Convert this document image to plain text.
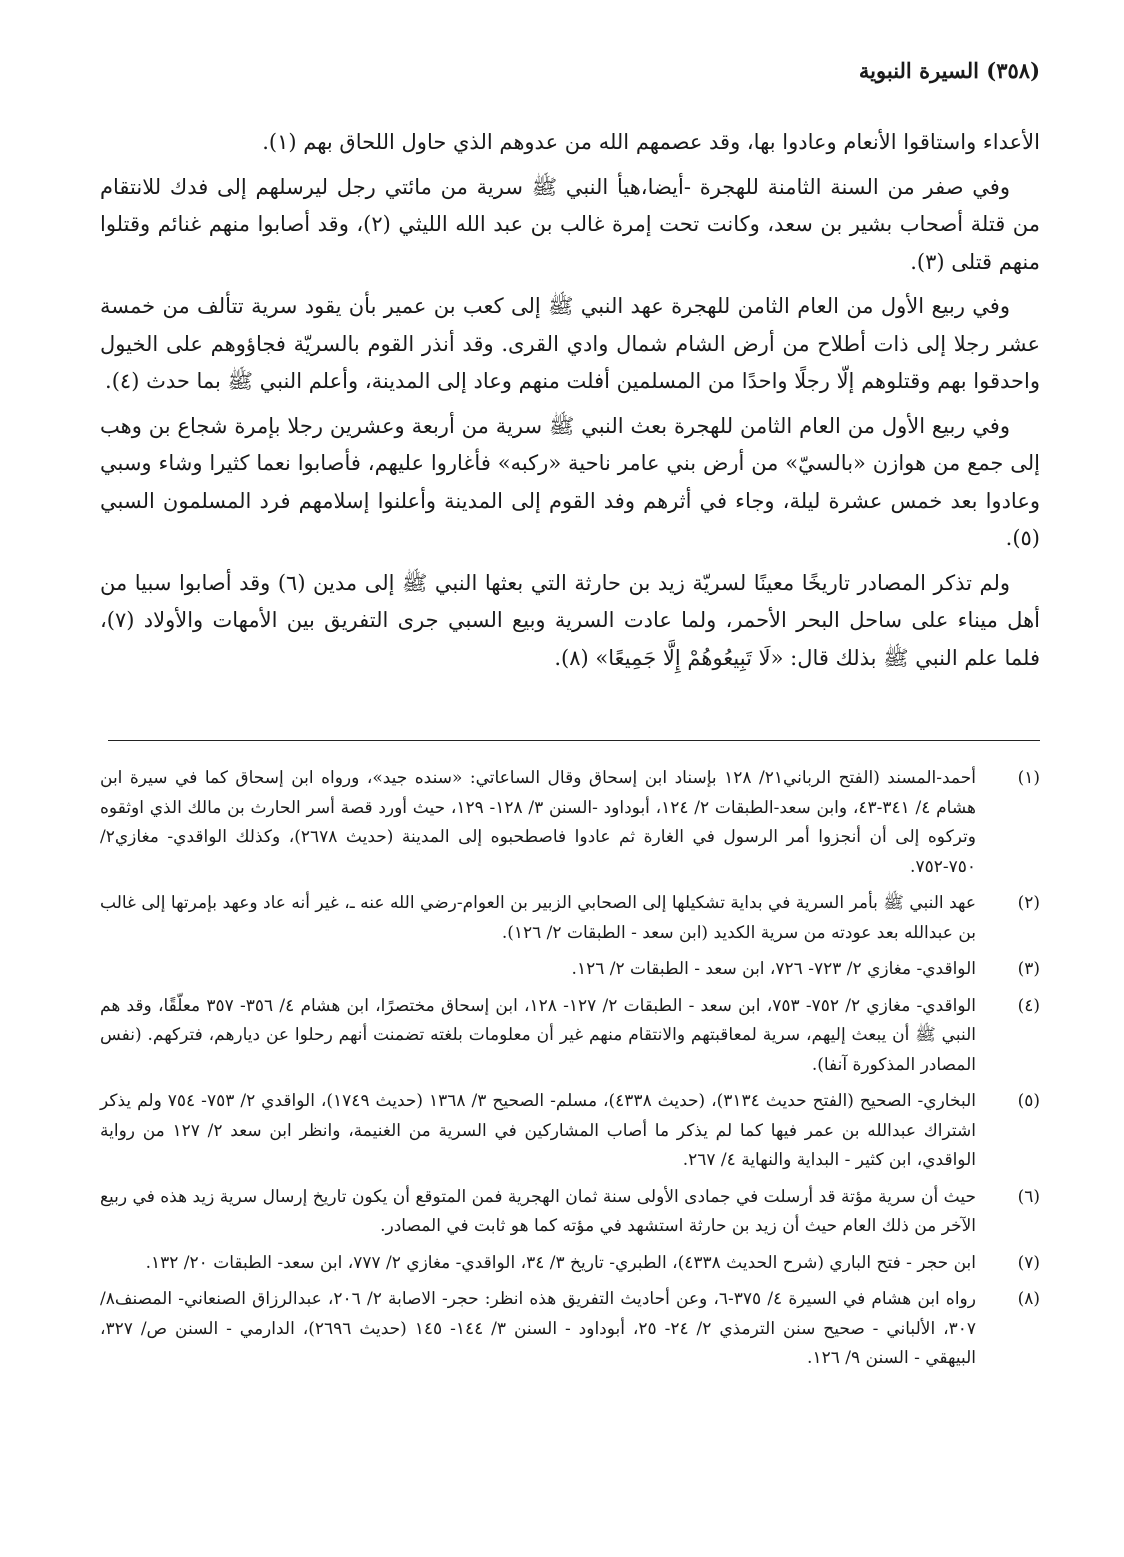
(٣٥٨) السيرة النبوية

الأعداء واستاقوا الأنعام وعادوا بها، وقد عصمهم الله من عدوهم الذي حاول اللحاق بهم (١).

وفي صفر من السنة الثامنة للهجرة -أيضا،هيأ النبي ﷺ سرية من مائتي رجل ليرسلهم إلى فدك للانتقام من قتلة أصحاب بشير بن سعد، وكانت تحت إمرة غالب بن عبد الله الليثي (٢)، وقد أصابوا منهم غنائم وقتلوا منهم قتلى (٣).

وفي ربيع الأول من العام الثامن للهجرة عهد النبي ﷺ إلى كعب بن عمير بأن يقود سرية تتألف من خمسة عشر رجلا إلى ذات أطلاح من أرض الشام شمال وادي القرى. وقد أنذر القوم بالسريّة فجاؤوهم على الخيول واحدقوا بهم وقتلوهم إلّا رجلًا واحدًا من المسلمين أفلت منهم وعاد إلى المدينة، وأعلم النبي ﷺ بما حدث (٤).

وفي ربيع الأول من العام الثامن للهجرة بعث النبي ﷺ سرية من أربعة وعشرين رجلا بإمرة شجاع بن وهب إلى جمع من هوازن «بالسيّ» من أرض بني عامر ناحية «ركبه» فأغاروا عليهم، فأصابوا نعما كثيرا وشاء وسبي وعادوا بعد خمس عشرة ليلة، وجاء في أثرهم وفد القوم إلى المدينة وأعلنوا إسلامهم فرد المسلمون السبي (٥).

ولم تذكر المصادر تاريخًا معينًا لسريّة زيد بن حارثة التي بعثها النبي ﷺ إلى مدين (٦) وقد أصابوا سبيا من أهل ميناء على ساحل البحر الأحمر، ولما عادت السرية وبيع السبي جرى التفريق بين الأمهات والأولاد (٧)، فلما علم النبي ﷺ بذلك قال: «لَا تَبِيعُوهُمْ إِلَّا جَمِيعًا» (٨).

(١)
أحمد-المسند (الفتح الرباني٢١/ ١٢٨ بإسناد ابن إسحاق وقال الساعاتي: «سنده جيد»، ورواه ابن إسحاق كما في سيرة ابن هشام ٤/ ٣٤١-٤٣، وابن سعد-الطبقات ٢/ ١٢٤، أبوداود -السنن ٣/ ١٢٨- ١٢٩، حيث أورد قصة أسر الحارث بن مالك الذي اوثقوه وتركوه إلى أن أنجزوا أمر الرسول في الغارة ثم عادوا فاصطحبوه إلى المدينة (حديث ٢٦٧٨)، وكذلك الواقدي- مغازي٢/ ٧٥٠-٧٥٢.
(٢)
عهد النبي ﷺ بأمر السرية في بداية تشكيلها إلى الصحابي الزبير بن العوام-رضي الله عنه ـ، غير أنه عاد وعهد بإمرتها إلى غالب بن عبدالله بعد عودته من سرية الكديد (ابن سعد - الطبقات ٢/ ١٢٦).
(٣)
الواقدي- مغازي ٢/ ٧٢٣- ٧٢٦، ابن سعد - الطبقات ٢/ ١٢٦.
(٤)
الواقدي- مغازي ٢/ ٧٥٢- ٧٥٣، ابن سعد - الطبقات ٢/ ١٢٧- ١٢٨، ابن إسحاق مختصرًا، ابن هشام ٤/ ٣٥٦- ٣٥٧ معلّقًا، وقد هم النبي ﷺ أن يبعث إليهم، سرية لمعاقبتهم والانتقام منهم غير أن معلومات بلغته تضمنت أنهم رحلوا عن ديارهم، فتركهم. (نفس المصادر المذكورة آنفا).
(٥)
البخاري- الصحيح (الفتح حديث ٣١٣٤)، (حديث ٤٣٣٨)، مسلم- الصحيح ٣/ ١٣٦٨ (حديث ١٧٤٩)، الواقدي ٢/ ٧٥٣- ٧٥٤ ولم يذكر اشتراك عبدالله بن عمر فيها كما لم يذكر ما أصاب المشاركين في السرية من الغنيمة، وانظر ابن سعد ٢/ ١٢٧ من رواية الواقدي، ابن كثير - البداية والنهاية ٤/ ٢٦٧.
(٦)
حيث أن سرية مؤتة قد أرسلت في جمادى الأولى سنة ثمان الهجرية فمن المتوقع أن يكون تاريخ إرسال سرية زيد هذه في ربيع الآخر من ذلك العام حيث أن زيد بن حارثة استشهد في مؤته كما هو ثابت في المصادر.
(٧)
ابن حجر - فتح الباري (شرح الحديث ٤٣٣٨)، الطبري- تاريخ ٣/ ٣٤، الواقدي- مغازي ٢/ ٧٧٧، ابن سعد- الطبقات ٢٠/ ١٣٢.
(٨)
رواه ابن هشام في السيرة ٤/ ٣٧٥-٦، وعن أحاديث التفريق هذه انظر: حجر- الاصابة ٢/ ٢٠٦، عبدالرزاق الصنعاني- المصنف٨/ ٣٠٧، الألباني - صحيح سنن الترمذي ٢/ ٢٤- ٢٥، أبوداود - السنن ٣/ ١٤٤- ١٤٥ (حديث ٢٦٩٦)، الدارمي - السنن ص/ ٣٢٧، البيهقي - السنن ٩/ ١٢٦.
